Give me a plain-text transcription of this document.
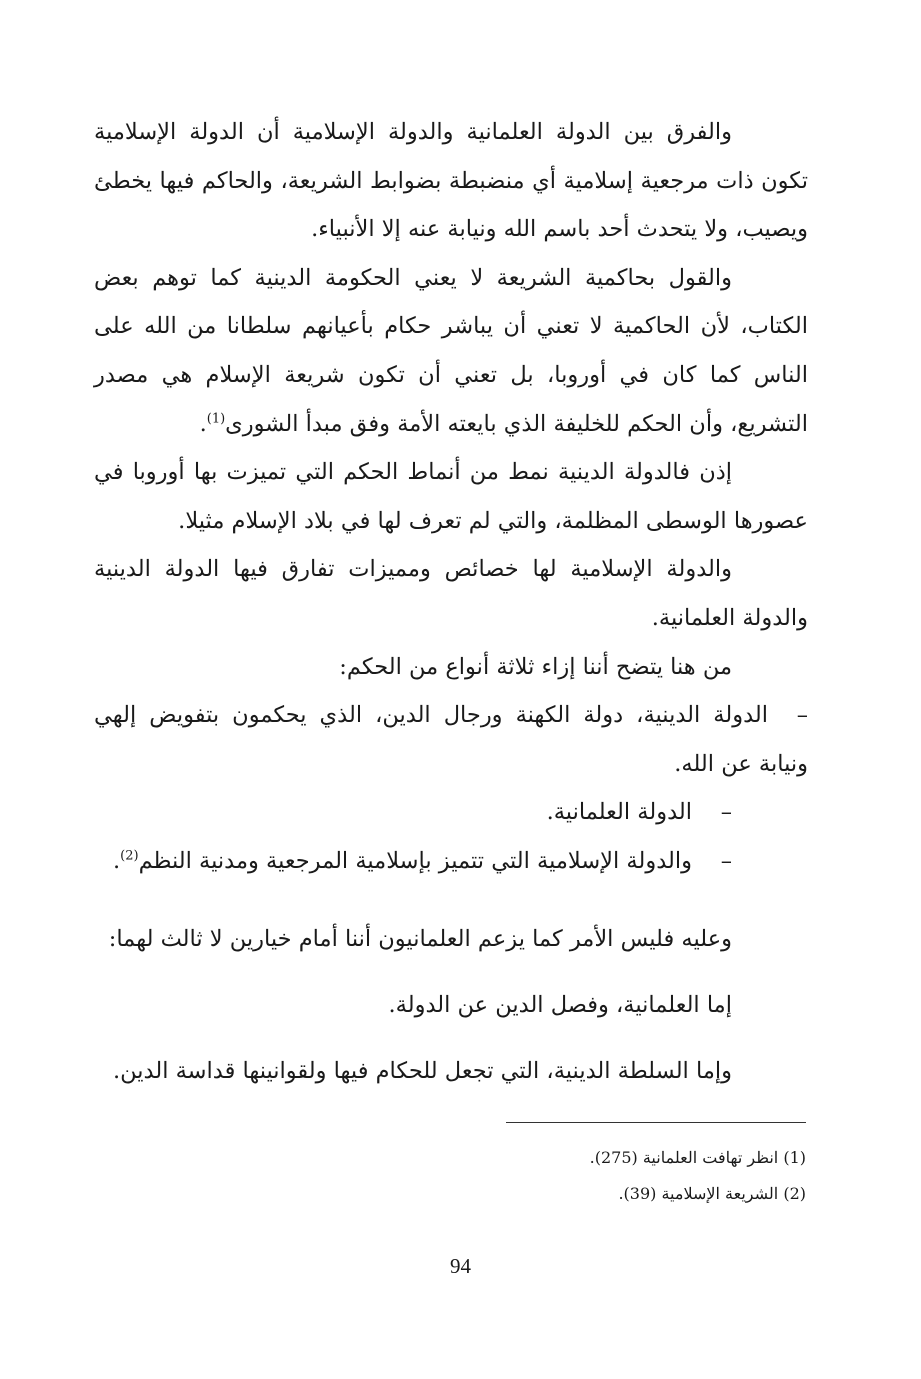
والفرق بين الدولة العلمانية والدولة الإسلامية أن الدولة الإسلامية تكون ذات مرجعية إسلامية أي منضبطة بضوابط الشريعة، والحاكم فيها يخطئ ويصيب، ولا يتحدث أحد باسم الله ونيابة عنه إلا الأنبياء.

والقول بحاكمية الشريعة لا يعني الحكومة الدينية كما توهم بعض الكتاب، لأن الحاكمية لا تعني أن يباشر حكام بأعيانهم سلطانا من الله على الناس كما كان في أوروبا، بل تعني أن تكون شريعة الإسلام هي مصدر التشريع، وأن الحكم للخليفة الذي بايعته الأمة وفق مبدأ الشورى$^{(1)}$.

إذن فالدولة الدينية نمط من أنماط الحكم التي تميزت بها أوروبا في عصورها الوسطى المظلمة، والتي لم تعرف لها في بلاد الإسلام مثيلا.

والدولة الإسلامية لها خصائص ومميزات تفارق فيها الدولة الدينية والدولة العلمانية.

من هنا يتضح أننا إزاء ثلاثة أنواع من الحكم:

–الدولة الدينية، دولة الكهنة ورجال الدين، الذي يحكمون بتفويض إلهي ونيابة عن الله.

–الدولة العلمانية.

–والدولة الإسلامية التي تتميز بإسلامية المرجعية ومدنية النظم$^{(2)}$.

وعليه فليس الأمر كما يزعم العلمانيون أننا أمام خيارين لا ثالث لهما:

إما العلمانية، وفصل الدين عن الدولة.

وإما السلطة الدينية، التي تجعل للحكام فيها ولقوانينها قداسة الدين.

(1) انظر تهافت العلمانية (275).

(2) الشريعة الإسلامية (39).

94
